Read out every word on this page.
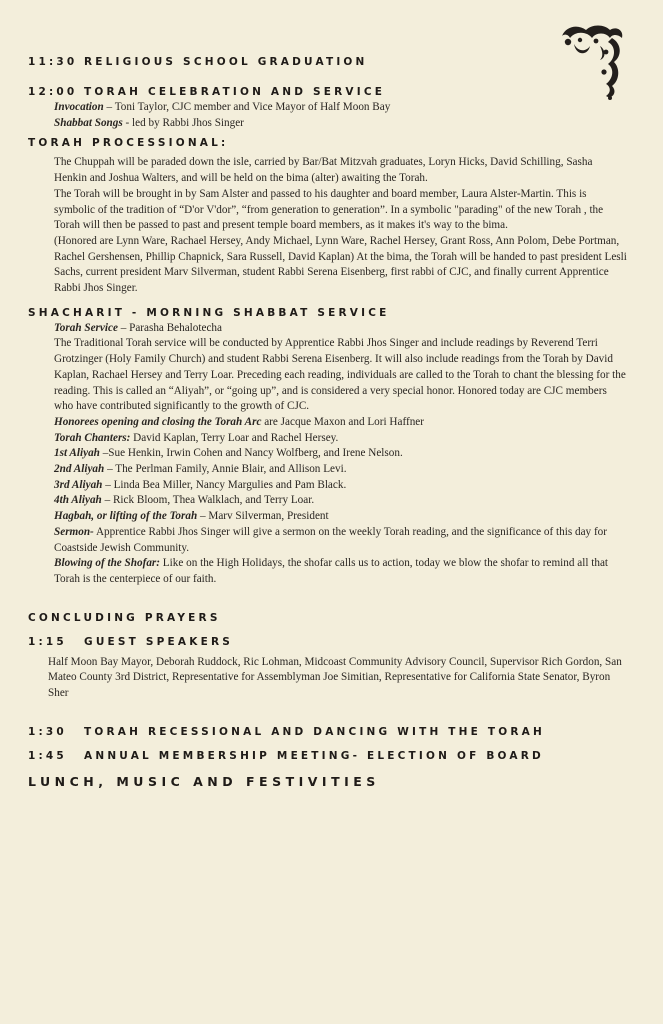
11:30 RELIGIOUS SCHOOL GRADUATION
12:00 TORAH CELEBRATION AND SERVICE

Invocation – Toni Taylor, CJC member and Vice Mayor of Half Moon Bay

Shabbat Songs - led by Rabbi Jhos Singer

TORAH PROCESSIONAL:

The Chuppah will be paraded down the isle, carried by Bar/Bat Mitzvah graduates, Loryn Hicks, David Schilling, Sasha Henkin and Joshua Walters, and will be held on the bima (alter) awaiting the Torah.

The Torah will be brought in by Sam Alster and passed to his daughter and board member, Laura Alster-Martin. This is symbolic of the tradition of “D'or V'dor”, “from generation to generation”. In a symbolic "parading" of the new Torah , the Torah will then be passed to past and present temple board members, as it makes it's way to the bima.

(Honored are Lynn Ware, Rachael Hersey, Andy Michael, Lynn Ware, Rachel Hersey, Grant Ross, Ann Polom, Debe Portman, Rachel Gershensen, Phillip Chapnick, Sara Russell, David Kaplan) At the bima, the Torah will be handed to past president Lesli Sachs, current president Marv Silverman, student Rabbi Serena Eisenberg, first rabbi of CJC, and finally current Apprentice Rabbi Jhos Singer.

SHACHARIT - MORNING SHABBAT SERVICE

Torah Service – Parasha Behalotecha

The Traditional Torah service will be conducted by Apprentice Rabbi Jhos Singer and include readings by Reverend Terri Grotzinger (Holy Family Church) and student Rabbi Serena Eisenberg. It will also include readings from the Torah by David Kaplan, Rachael Hersey and Terry Loar. Preceding each reading, individuals are called to the Torah to chant the blessing for the reading. This is called an “Aliyah”, or “going up”, and is considered a very special honor. Honored today are CJC members who have contributed significantly to the growth of CJC.

Honorees opening and closing the Torah Arc are Jacque Maxon and Lori Haffner

Torah Chanters: David Kaplan, Terry Loar and Rachel Hersey.

1st Aliyah –Sue Henkin, Irwin Cohen and Nancy Wolfberg, and Irene Nelson.

2nd Aliyah – The Perlman Family, Annie Blair, and Allison Levi.

3rd Aliyah – Linda Bea Miller, Nancy Margulies and Pam Black.

4th Aliyah – Rick Bloom, Thea Walklach, and Terry Loar.

Hagbah, or lifting of the Torah – Marv Silverman, President

Sermon- Apprentice Rabbi Jhos Singer will give a sermon on the weekly Torah reading, and the significance of this day for Coastside Jewish Community.

Blowing of the Shofar: Like on the High Holidays, the shofar calls us to action, today we blow the shofar to remind all that Torah is the centerpiece of our faith.

CONCLUDING PRAYERS
1:15 GUEST SPEAKERS

Half Moon Bay Mayor, Deborah Ruddock, Ric Lohman, Midcoast Community Advisory Council, Supervisor Rich Gordon, San Mateo County 3rd District, Representative for Assemblyman Joe Simitian, Representative for California State Senator, Byron Sher

1:30 TORAH RECESSIONAL AND DANCING WITH THE TORAH
1:45 ANNUAL MEMBERSHIP MEETING- ELECTION OF BOARD
LUNCH, MUSIC AND FESTIVITIES
